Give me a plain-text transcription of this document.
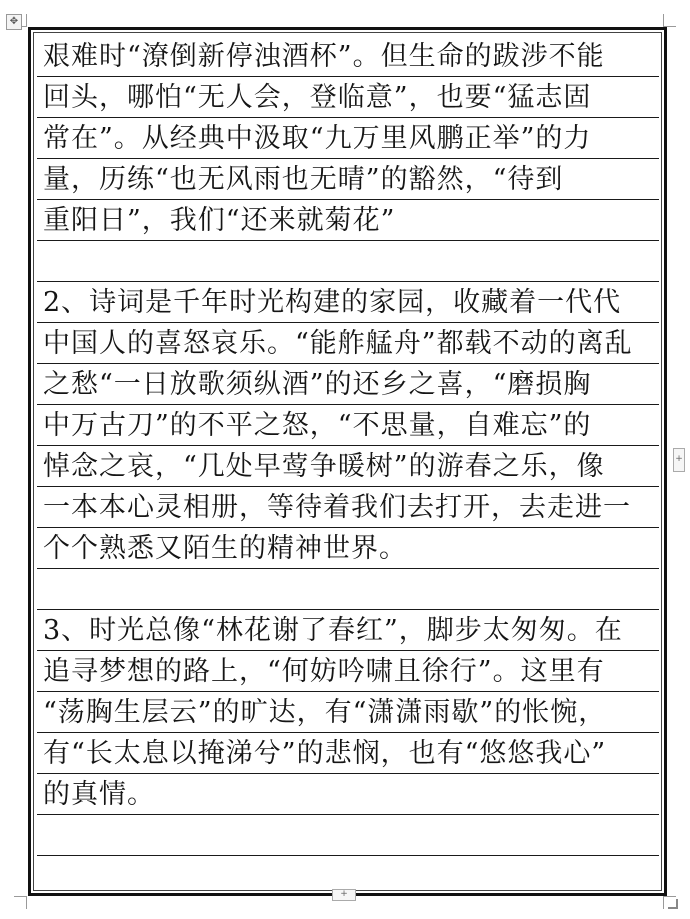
✥
艰难时“潦倒新停浊酒杯”。但生命的跋涉不能
回头，哪怕“无人会，登临意”，也要“猛志固
常在”。从经典中汲取“九万里风鹏正举”的力
量，历练“也无风雨也无晴”的豁然，“待到
重阳日”，我们“还来就菊花”
2、诗词是千年时光构建的家园，收藏着一代代
中国人的喜怒哀乐。“能舴艋舟”都载不动的离乱
之愁“一日放歌须纵酒”的还乡之喜，“磨损胸
中万古刀”的不平之怒，“不思量，自难忘”的
悼念之哀，“几处早莺争暖树”的游春之乐，像
一本本心灵相册，等待着我们去打开，去走进一
个个熟悉又陌生的精神世界。
3、时光总像“林花谢了春红”，脚步太匆匆。在
追寻梦想的路上，“何妨吟啸且徐行”。这里有
“荡胸生层云”的旷达，有“潇潇雨歇”的怅惋，
有“长太息以掩涕兮”的悲悯，也有“悠悠我心”
的真情。
+
+
